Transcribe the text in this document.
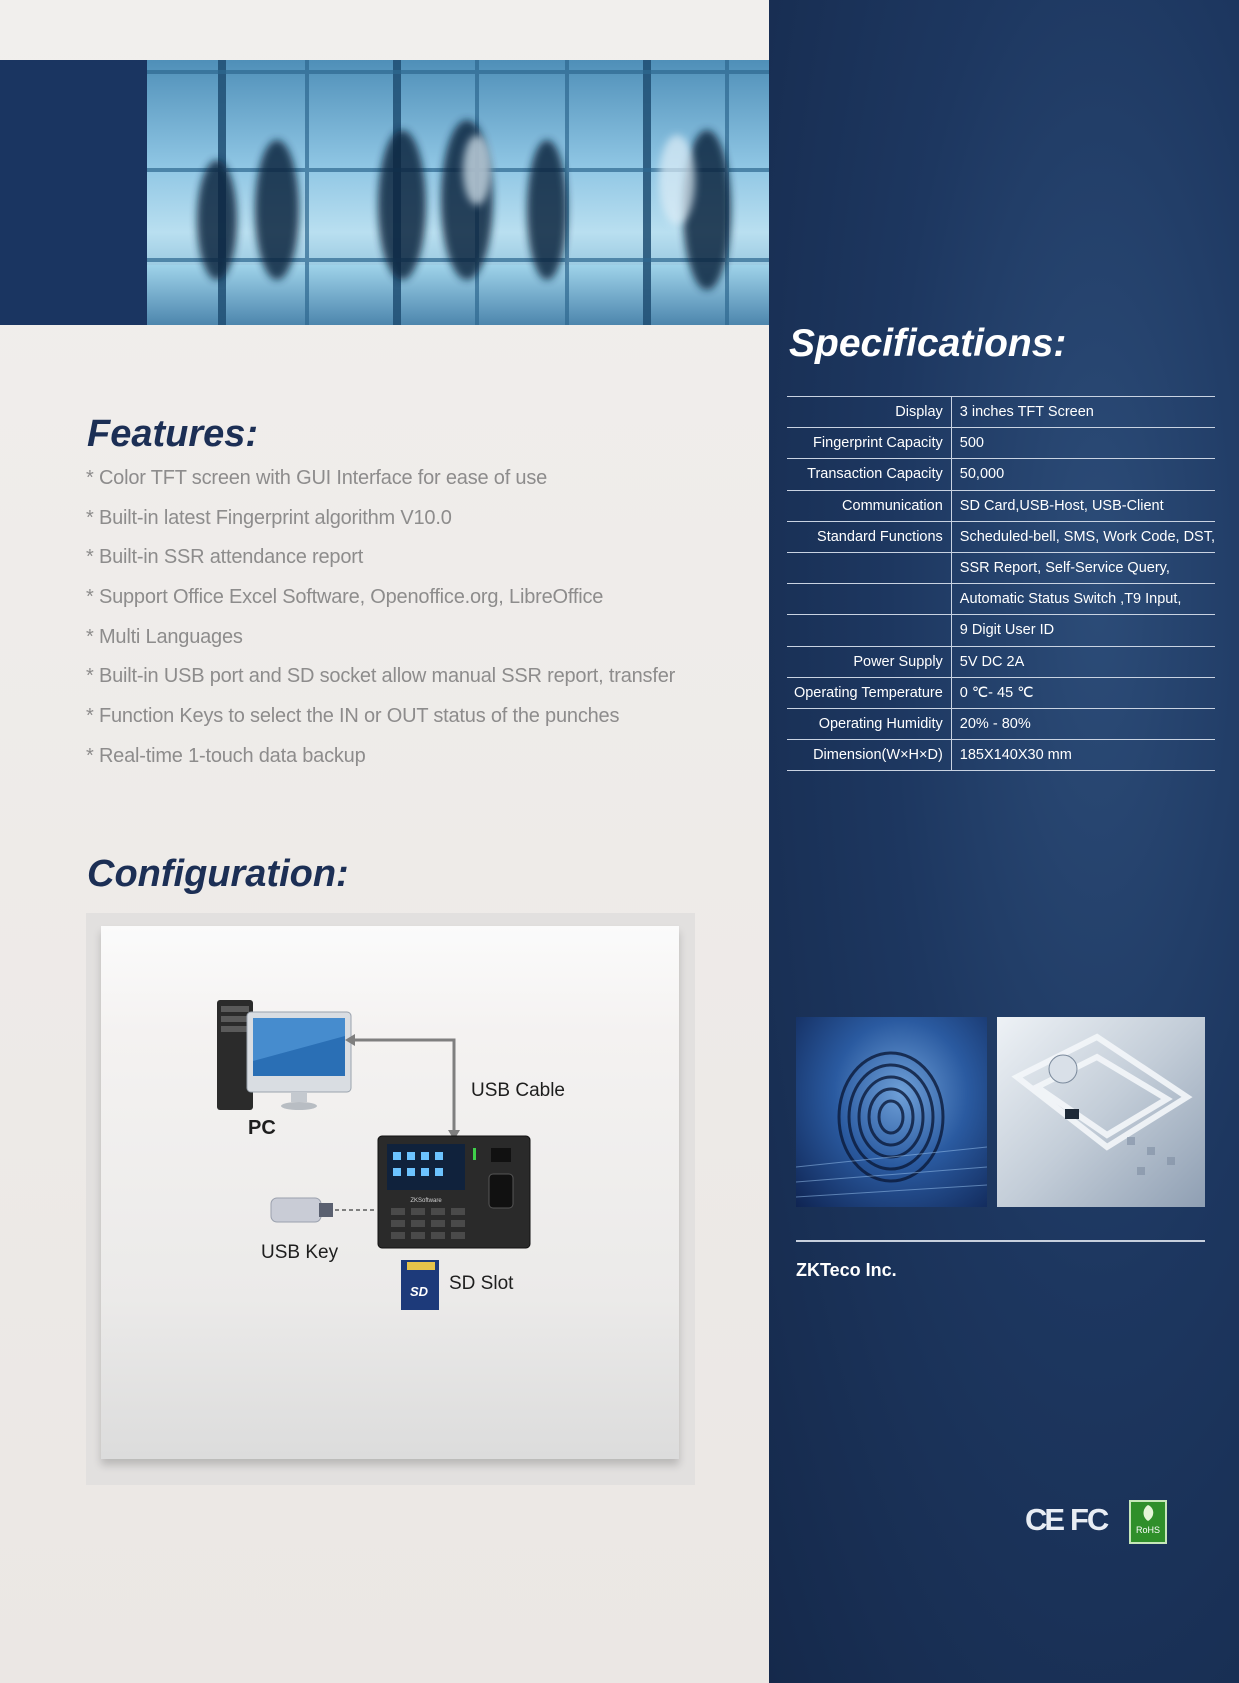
Features:
* Color TFT screen with GUI Interface for ease of use
* Built-in latest Fingerprint algorithm V10.0
* Built-in SSR attendance report
* Support Office Excel Software, Openoffice.org, LibreOffice
* Multi Languages
* Built-in USB port and SD socket allow manual SSR report, transfer
* Function Keys to select the IN or OUT status of the punches
* Real-time 1-touch data backup
Configuration:
ZKSoftware
SD
USB Cable
PC
USB Key
SD Slot
Specifications:
Display	3 inches TFT Screen
Fingerprint Capacity	500
Transaction Capacity	50,000
Communication	SD Card,USB-Host, USB-Client
Standard Functions	Scheduled-bell, SMS, Work Code, DST,
	SSR Report, Self-Service Query,
	Automatic Status Switch ,T9 Input,
	9 Digit User ID
Power Supply	5V DC 2A
Operating Temperature	0 ℃- 45 ℃
Operating Humidity	20% - 80%
Dimension(W×H×D)	185X140X30 mm
ZKTeco Inc.
CE FC	RoHS
